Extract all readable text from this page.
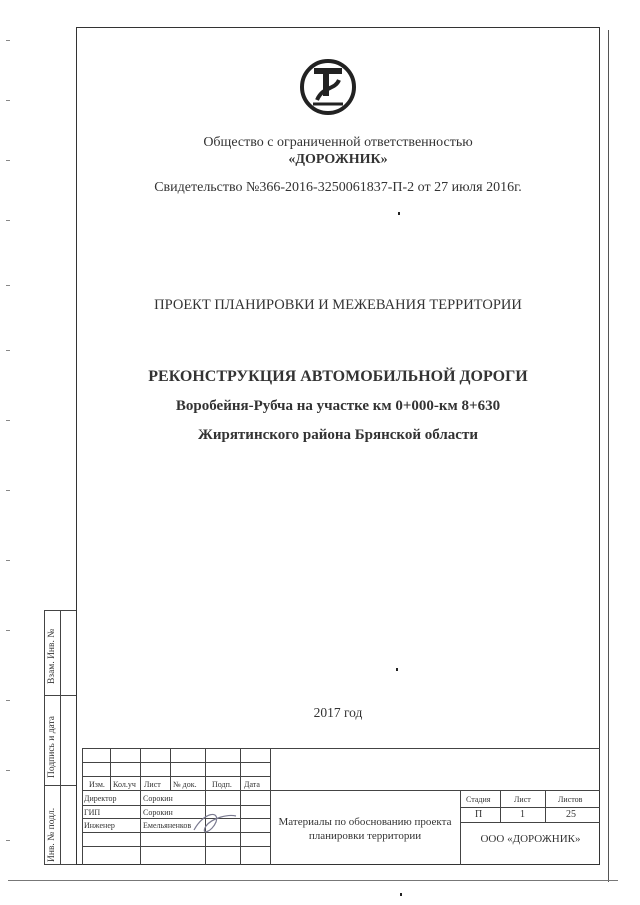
Взам. Инв. №
Подпись и дата
Инв. № подл.
Общество с ограниченной ответственностью
«ДОРОЖНИК»
Свидетельство №366-2016-3250061837-П-2 от 27 июля 2016г.
ПРОЕКТ ПЛАНИРОВКИ И МЕЖЕВАНИЯ ТЕРРИТОРИИ
РЕКОНСТРУКЦИЯ АВТОМОБИЛЬНОЙ ДОРОГИ
Воробейня-Рубча на участке км 0+000-км 8+630
Жирятинского района Брянской области
2017 год
Изм. Кол.уч Лист № док. Подп. Дата
Директор	Сорокин
ГИП	Сорокин
Инженер	Емельяненков	Материалы по обоснованию проекта планировки территории
Стадия	Лист	Листов
П	1	25
ООО «ДОРОЖНИК»
